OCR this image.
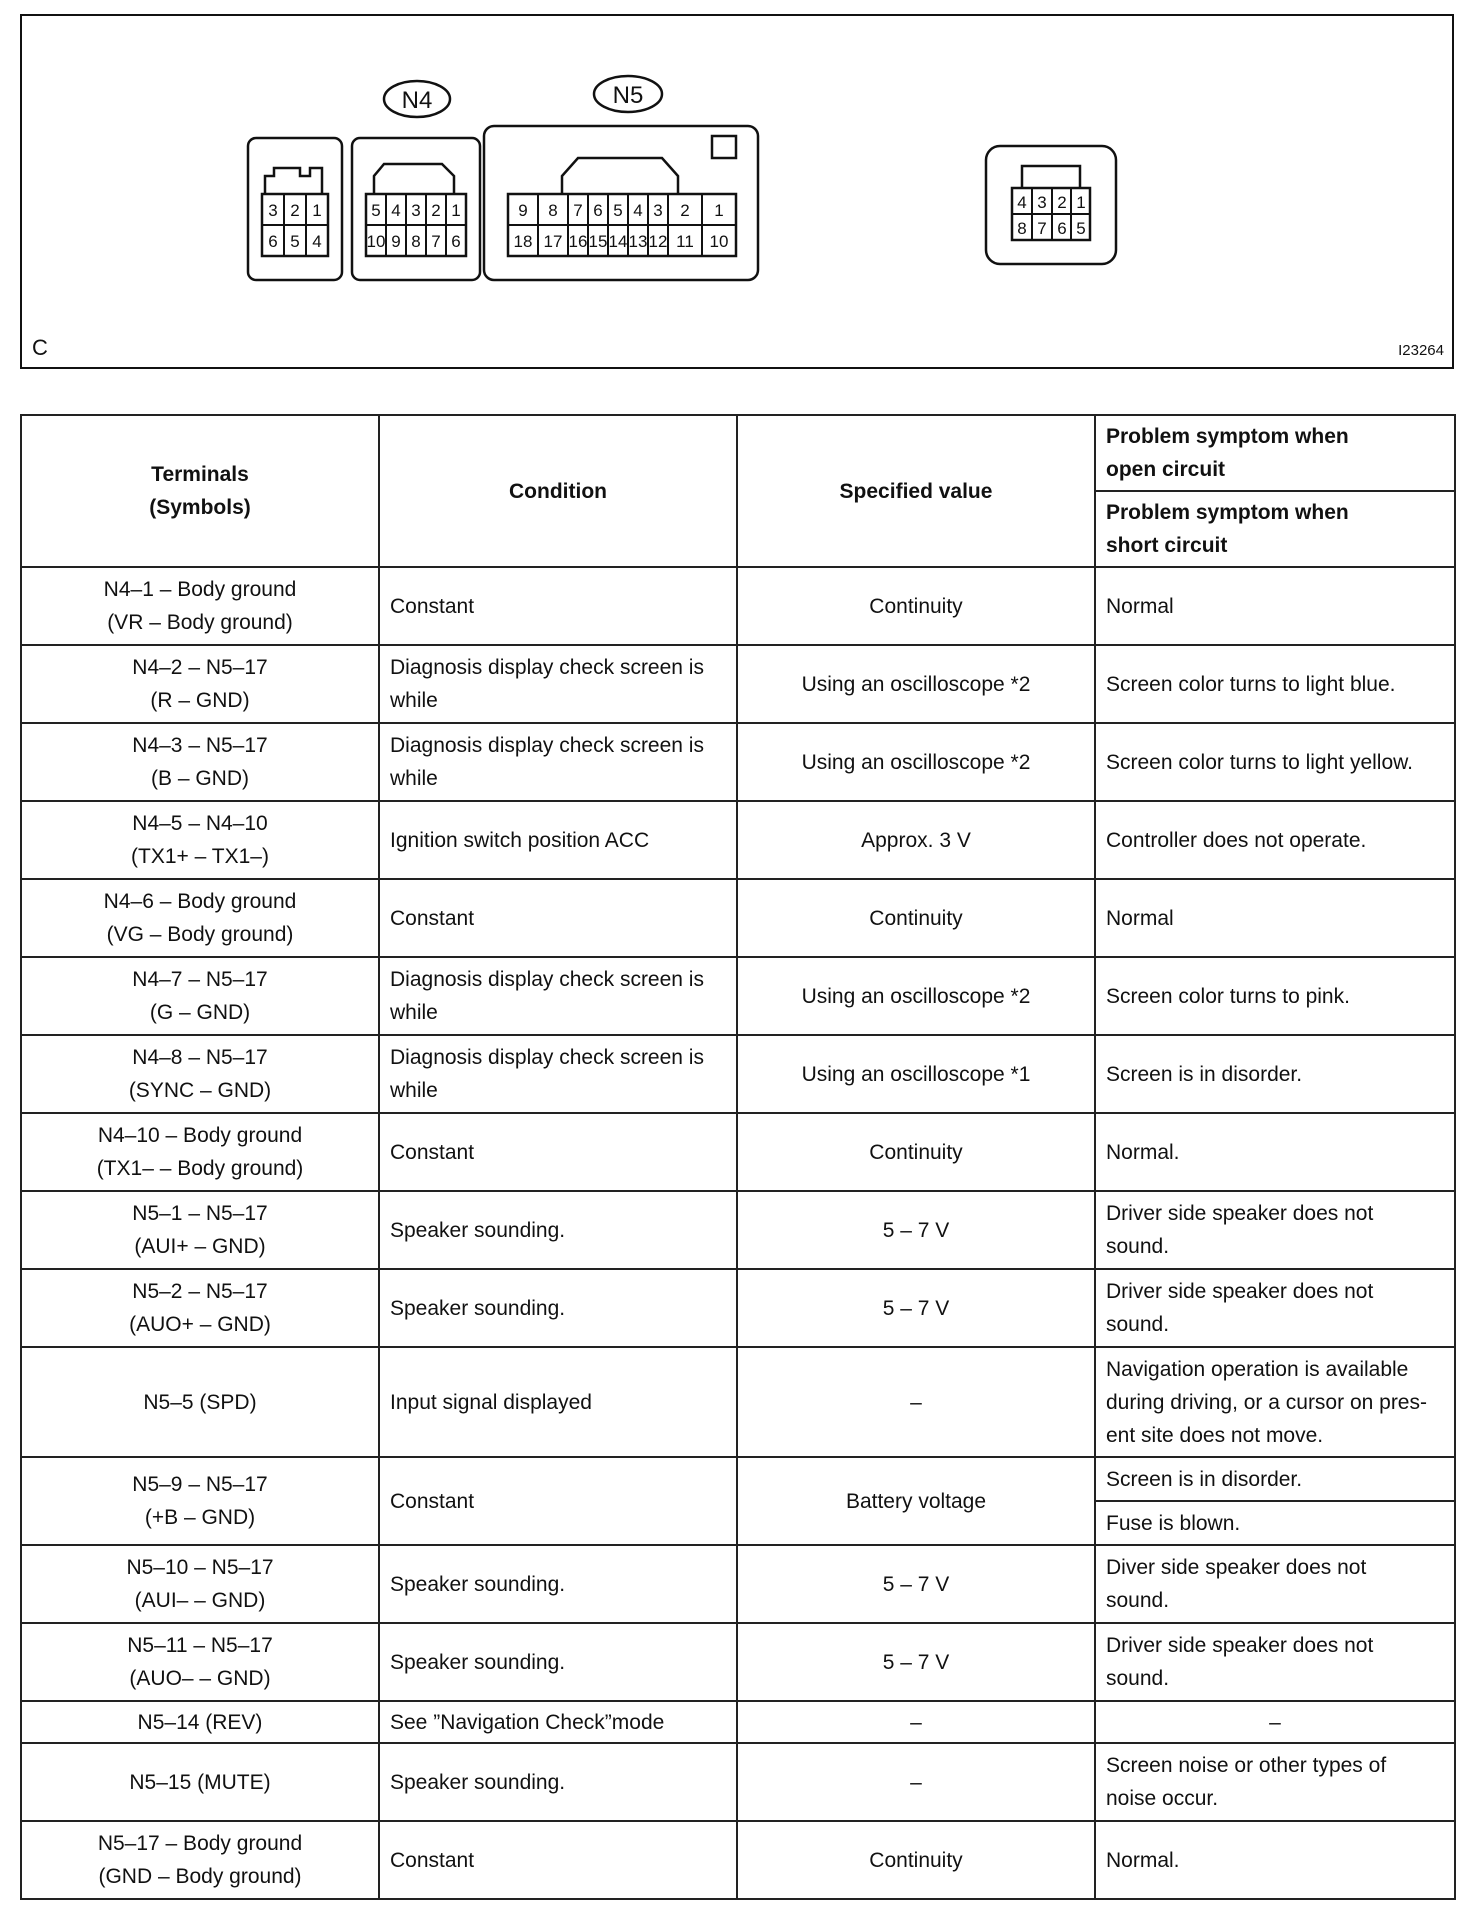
N4	N5
3 2 1
6 5 4
5 4 3 2 1
10 9 8 7 6
9 8 7 6 5 4 3 2 1
18 17 16 15 14 13 12 11 10
4 3 2 1
8 7 6 5
C	I23264
Terminals
(Symbols)	Condition	Specified value	Problem symptom when
open circuit
			Problem symptom when
short circuit
N4–1 – Body ground
(VR – Body ground)	Constant	Continuity	Normal
N4–2 – N5–17
(R – GND)	Diagnosis display check screen is
while	Using an oscilloscope *2	Screen color turns to light blue.
N4–3 – N5–17
(B – GND)	Diagnosis display check screen is
while	Using an oscilloscope *2	Screen color turns to light yellow.
N4–5 – N4–10
(TX1+ – TX1–)	Ignition switch position ACC	Approx. 3 V	Controller does not operate.
N4–6 – Body ground
(VG – Body ground)	Constant	Continuity	Normal
N4–7 – N5–17
(G – GND)	Diagnosis display check screen is
while	Using an oscilloscope *2	Screen color turns to pink.
N4–8 – N5–17
(SYNC – GND)	Diagnosis display check screen is
while	Using an oscilloscope *1	Screen is in disorder.
N4–10 – Body ground
(TX1– – Body ground)	Constant	Continuity	Normal.
N5–1 – N5–17
(AUI+ – GND)	Speaker sounding.	5 – 7 V	Driver side speaker does not
sound.
N5–2 – N5–17
(AUO+ – GND)	Speaker sounding.	5 – 7 V	Driver side speaker does not
sound.
N5–5 (SPD)	Input signal displayed	–	Navigation operation is available
during driving, or a cursor on pres-
ent site does not move.
N5–9 – N5–17
(+B – GND)	Constant	Battery voltage	Screen is in disorder.
			Fuse is blown.
N5–10 – N5–17
(AUI– – GND)	Speaker sounding.	5 – 7 V	Diver side speaker does not
sound.
N5–11 – N5–17
(AUO– – GND)	Speaker sounding.	5 – 7 V	Driver side speaker does not
sound.
N5–14 (REV)	See ”Navigation Check”mode	–	–
N5–15 (MUTE)	Speaker sounding.	–	Screen noise or other types of
noise occur.
N5–17 – Body ground
(GND – Body ground)	Constant	Continuity	Normal.
